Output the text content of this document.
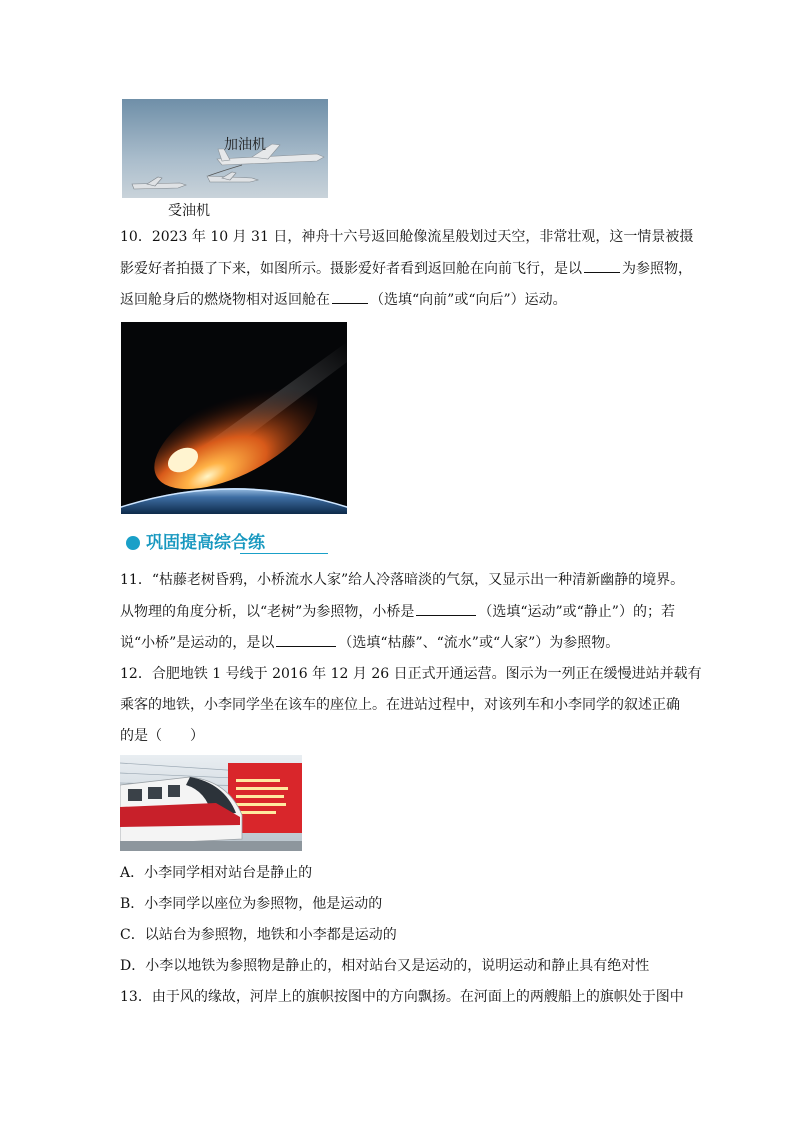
加油机
受油机
10．2023 年 10 月 31 日，神舟十六号返回舱像流星般划过天空，非常壮观，这一情景被摄
影爱好者拍摄了下来，如图所示。摄影爱好者看到返回舱在向前飞行，是以	为参照物，
返回舱身后的燃烧物相对返回舱在	（选填“向前”或“向后”）运动。
巩固提高综合练
11．“枯藤老树昏鸦，小桥流水人家”给人冷落暗淡的气氛，又显示出一种清新幽静的境界。
从物理的角度分析，以“老树”为参照物，小桥是	（选填“运动”或“静止”）的；若
说“小桥”是运动的，是以	（选填“枯藤”、“流水”或“人家”）为参照物。
12．合肥地铁 1 号线于 2016 年 12 月 26 日正式开通运营。图示为一列正在缓慢进站并载有
乘客的地铁，小李同学坐在该车的座位上。在进站过程中，对该列车和小李同学的叙述正确
的是（　　）
A．小李同学相对站台是静止的
B．小李同学以座位为参照物，他是运动的
C．以站台为参照物，地铁和小李都是运动的
D．小李以地铁为参照物是静止的，相对站台又是运动的，说明运动和静止具有绝对性
13．由于风的缘故，河岸上的旗帜按图中的方向飘扬。在河面上的两艘船上的旗帜处于图中
